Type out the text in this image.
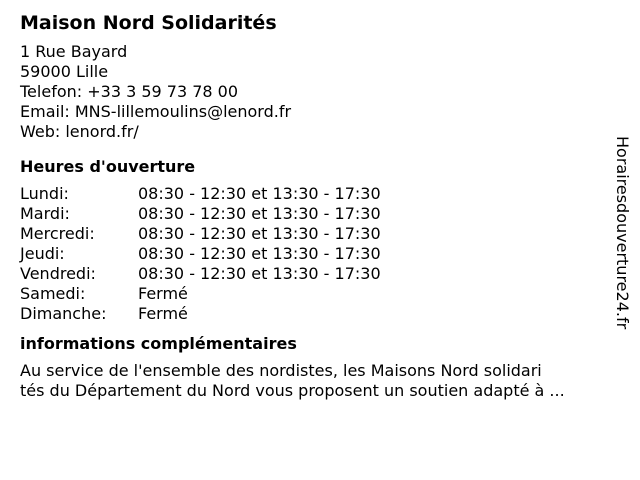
Maison Nord Solidarités
1 Rue Bayard
59000 Lille
Telefon: +33 3 59 73 78 00
Email: MNS-lillemoulins@lenord.fr
Web: lenord.fr/
Heures d'ouverture
Lundi:	08:30 - 12:30 et 13:30 - 17:30
Mardi:	08:30 - 12:30 et 13:30 - 17:30
Mercredi:	08:30 - 12:30 et 13:30 - 17:30
Jeudi:	08:30 - 12:30 et 13:30 - 17:30
Vendredi:	08:30 - 12:30 et 13:30 - 17:30
Samedi:	Fermé
Dimanche:	Fermé
informations complémentaires
Au service de l'ensemble des nordistes, les Maisons Nord solidari
tés du Département du Nord vous proposent un soutien adapté à ...
Horairesdouverture24.fr
